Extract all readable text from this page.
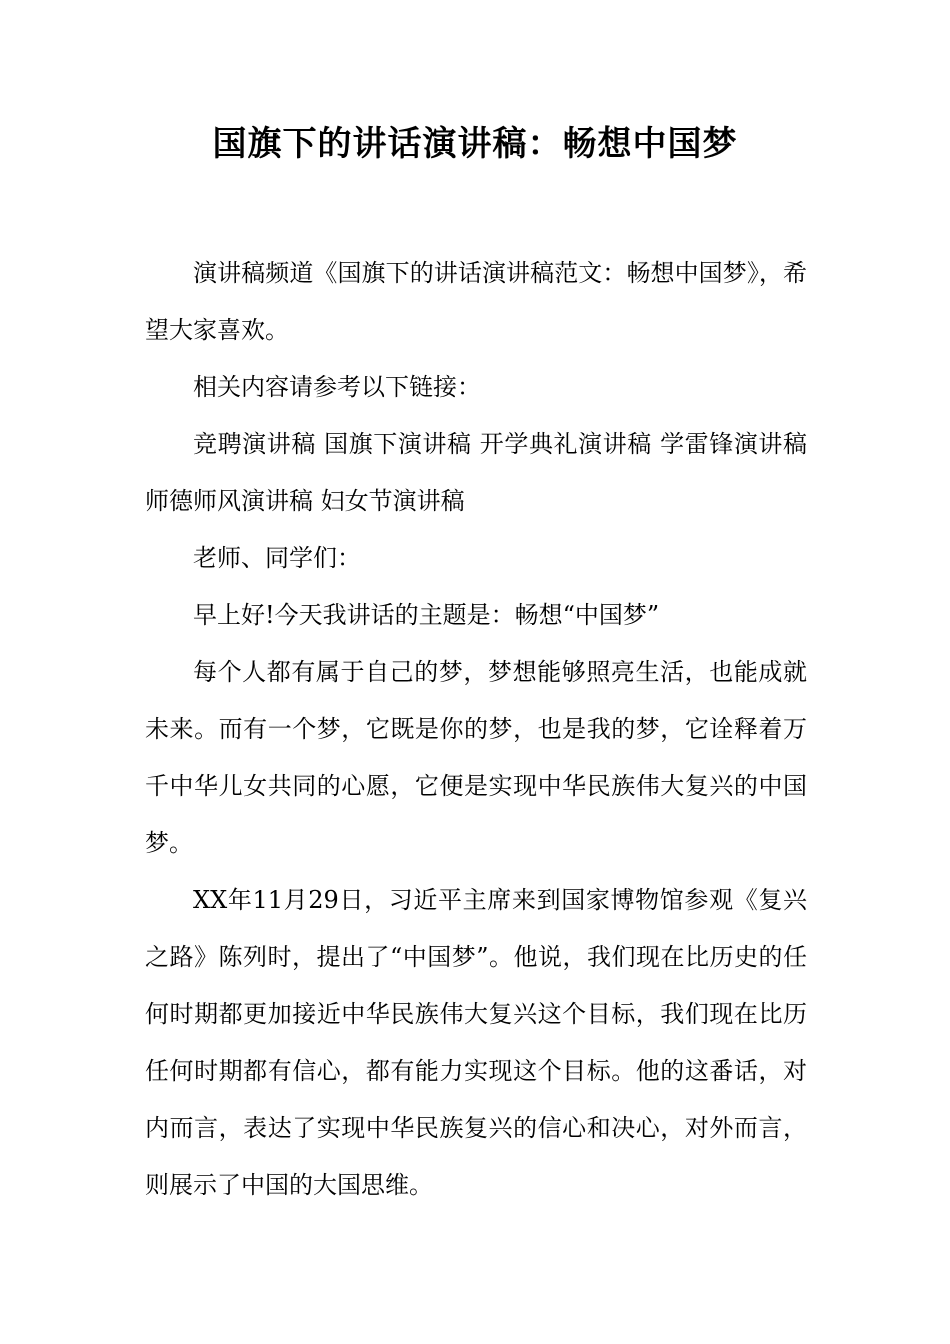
国旗下的讲话演讲稿：畅想中国梦

演讲稿频道《国旗下的讲话演讲稿范文：畅想中国梦》，希望大家喜欢。

相关内容请参考以下链接：

竞聘演讲稿 国旗下演讲稿 开学典礼演讲稿 学雷锋演讲稿 师德师风演讲稿 妇女节演讲稿

老师、同学们：

早上好!今天我讲话的主题是：畅想“中国梦”

每个人都有属于自己的梦，梦想能够照亮生活，也能成就未来。而有一个梦，它既是你的梦，也是我的梦，它诠释着万千中华儿女共同的心愿，它便是实现中华民族伟大复兴的中国梦。

XX年11月29日，习近平主席来到国家博物馆参观《复兴之路》陈列时，提出了“中国梦”。他说，我们现在比历史的任何时期都更加接近中华民族伟大复兴这个目标，我们现在比历任何时期都有信心，都有能力实现这个目标。他的这番话，对内而言，表达了实现中华民族复兴的信心和决心，对外而言，则展示了中国的大国思维。
